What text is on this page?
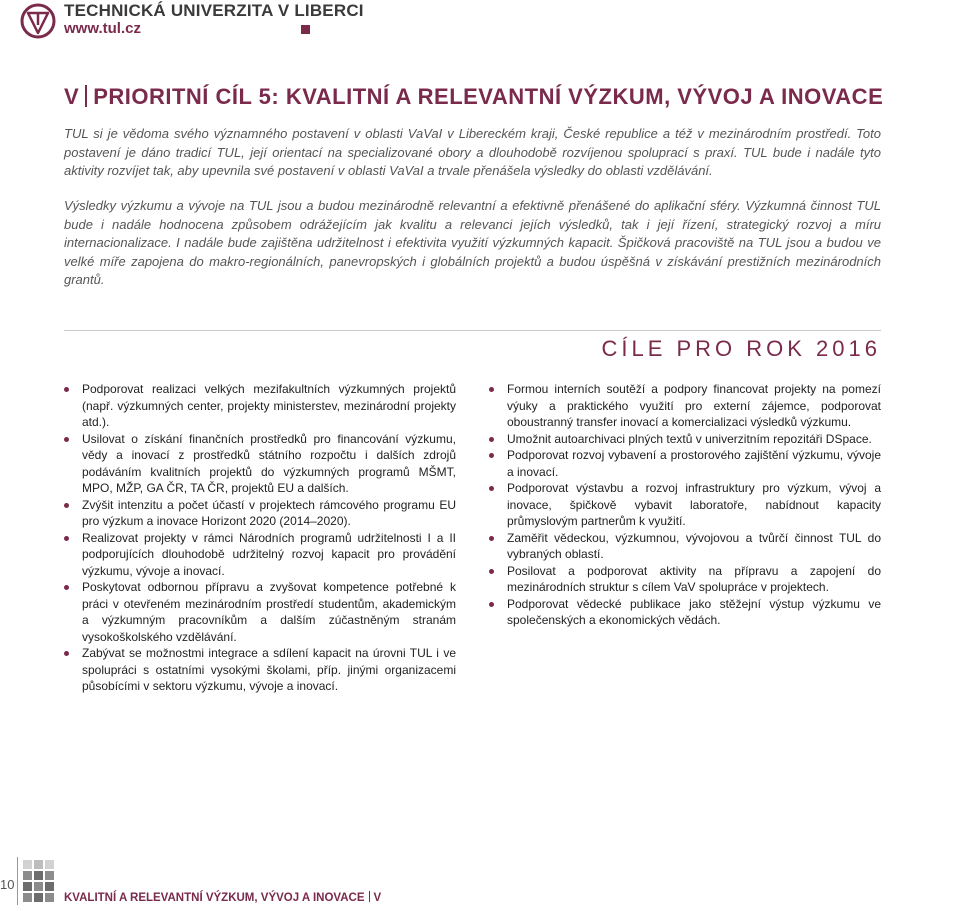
TECHNICKÁ UNIVERZITA V LIBERCI
www.tul.cz
V PRIORITNÍ CÍL 5: KVALITNÍ A RELEVANTNÍ VÝZKUM, VÝVOJ A INOVACE

TUL si je vědoma svého významného postavení v oblasti VaVaI v Libereckém kraji, České republice a též v mezinárodním prostředí. Toto postavení je dáno tradicí TUL, její orientací na specializované obory a dlouhodobě rozvíjenou spoluprací s praxí. TUL bude i nadále tyto aktivity rozvíjet tak, aby upevnila své postavení v oblasti VaVaI a trvale přenášela výsledky do oblasti vzdělávání.

Výsledky výzkumu a vývoje na TUL jsou a budou mezinárodně relevantní a efektivně přenášené do aplikační sféry. Výzkumná činnost TUL bude i nadále hodnocena způsobem odrážejícím jak kvalitu a relevanci jejích výsledků, tak i její řízení, strategický rozvoj a míru internacionalizace. I nadále bude zajištěna udržitelnost i efektivita využití výzkumných kapacit. Špičková pracoviště na TUL jsou a budou ve velké míře zapojena do makro-regionálních, panevropských i globálních projektů a budou úspěšná v získávání prestižních mezinárodních grantů.

CÍLE PRO ROK 2016
Podporovat realizaci velkých mezifakultních výzkumných projektů (např. výzkumných center, projekty ministerstev, mezinárodní projekty atd.).
Usilovat o získání finančních prostředků pro financování výzkumu, vědy a inovací z prostředků státního rozpočtu i dalších zdrojů podáváním kvalitních projektů do výzkumných programů MŠMT, MPO, MŽP, GA ČR, TA ČR, projektů EU a dalších.
Zvýšit intenzitu a počet účastí v projektech rámcového programu EU pro výzkum a inovace Horizont 2020 (2014–2020).
Realizovat projekty v rámci Národních programů udržitelnosti I a II podporujících dlouhodobě udržitelný rozvoj kapacit pro provádění výzkumu, vývoje a inovací.
Poskytovat odbornou přípravu a zvyšovat kompetence potřebné k práci v otevřeném mezinárodním prostředí studentům, akademickým a výzkumným pracovníkům a dalším zúčastněným stranám vysokoškolského vzdělávání.
Zabývat se možnostmi integrace a sdílení kapacit na úrovni TUL i ve spolupráci s ostatními vysokými školami, příp. jinými organizacemi působícími v sektoru výzkumu, vývoje a inovací.
Formou interních soutěží a podpory financovat projekty na pomezí výuky a praktického využití pro externí zájemce, podporovat oboustranný transfer inovací a komercializaci výsledků výzkumu.
Umožnit autoarchivaci plných textů v univerzitním repozitáři DSpace.
Podporovat rozvoj vybavení a prostorového zajištění výzkumu, vývoje a inovací.
Podporovat výstavbu a rozvoj infrastruktury pro výzkum, vývoj a inovace, špičkově vybavit laboratoře, nabídnout kapacity průmyslovým partnerům k využití.
Zaměřit vědeckou, výzkumnou, vývojovou a tvůrčí činnost TUL do vybraných oblastí.
Posilovat a podporovat aktivity na přípravu a zapojení do mezinárodních struktur s cílem VaV spolupráce v projektech.
Podporovat vědecké publikace jako stěžejní výstup výzkumu ve společenských a ekonomických vědách.
10
KVALITNÍ A RELEVANTNÍ VÝZKUM, VÝVOJ A INOVACE V
